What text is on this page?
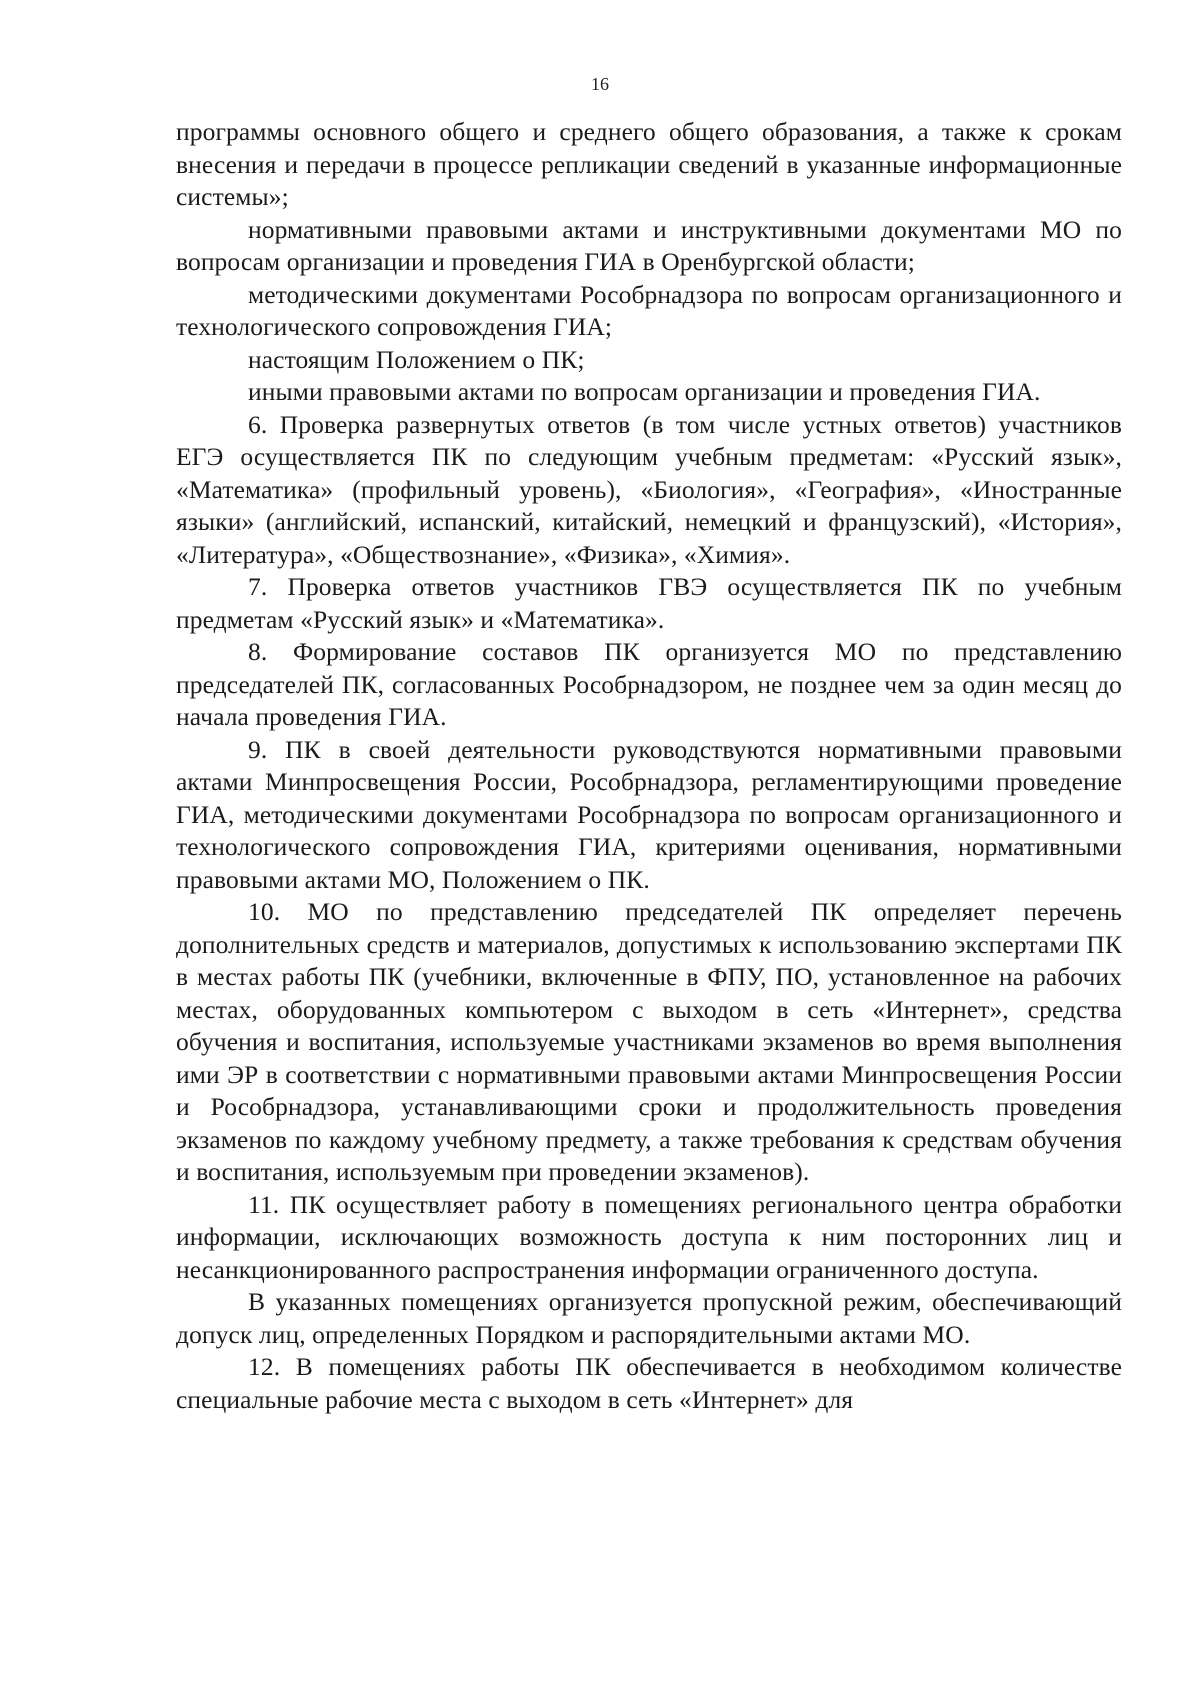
16

программы основного общего и среднего общего образования, а также к срокам внесения и передачи в процессе репликации сведений в указанные информационные системы»;

нормативными правовыми актами и инструктивными документами МО по вопросам организации и проведения ГИА в Оренбургской области;

методическими документами Рособрнадзора по вопросам организационного и технологического сопровождения ГИА;

настоящим Положением о ПК;

иными правовыми актами по вопросам организации и проведения ГИА.

6. Проверка развернутых ответов (в том числе устных ответов) участников ЕГЭ осуществляется ПК по следующим учебным предметам: «Русский язык», «Математика» (профильный уровень), «Биология», «География», «Иностранные языки» (английский, испанский, китайский, немецкий и французский), «История», «Литература», «Обществознание», «Физика», «Химия».

7. Проверка ответов участников ГВЭ осуществляется ПК по учебным предметам «Русский язык» и «Математика».

8. Формирование составов ПК организуется МО по представлению председателей ПК, согласованных Рособрнадзором, не позднее чем за один месяц до начала проведения ГИА.

9. ПК в своей деятельности руководствуются нормативными правовыми актами Минпросвещения России, Рособрнадзора, регламентирующими проведение ГИА, методическими документами Рособрнадзора по вопросам организационного и технологического сопровождения ГИА, критериями оценивания, нормативными правовыми актами МО, Положением о ПК.

10. МО по представлению председателей ПК определяет перечень дополнительных средств и материалов, допустимых к использованию экспертами ПК в местах работы ПК (учебники, включенные в ФПУ, ПО, установленное на рабочих местах, оборудованных компьютером с выходом в сеть «Интернет», средства обучения и воспитания, используемые участниками экзаменов во время выполнения ими ЭР в соответствии с нормативными правовыми актами Минпросвещения России и Рособрнадзора, устанавливающими сроки и продолжительность проведения экзаменов по каждому учебному предмету, а также требования к средствам обучения и воспитания, используемым при проведении экзаменов).

11. ПК осуществляет работу в помещениях регионального центра обработки информации, исключающих возможность доступа к ним посторонних лиц и несанкционированного распространения информации ограниченного доступа.

В указанных помещениях организуется пропускной режим, обеспечивающий допуск лиц, определенных Порядком и распорядительными актами МО.

12. В помещениях работы ПК обеспечивается в необходимом количестве специальные рабочие места с выходом в сеть «Интернет» для
